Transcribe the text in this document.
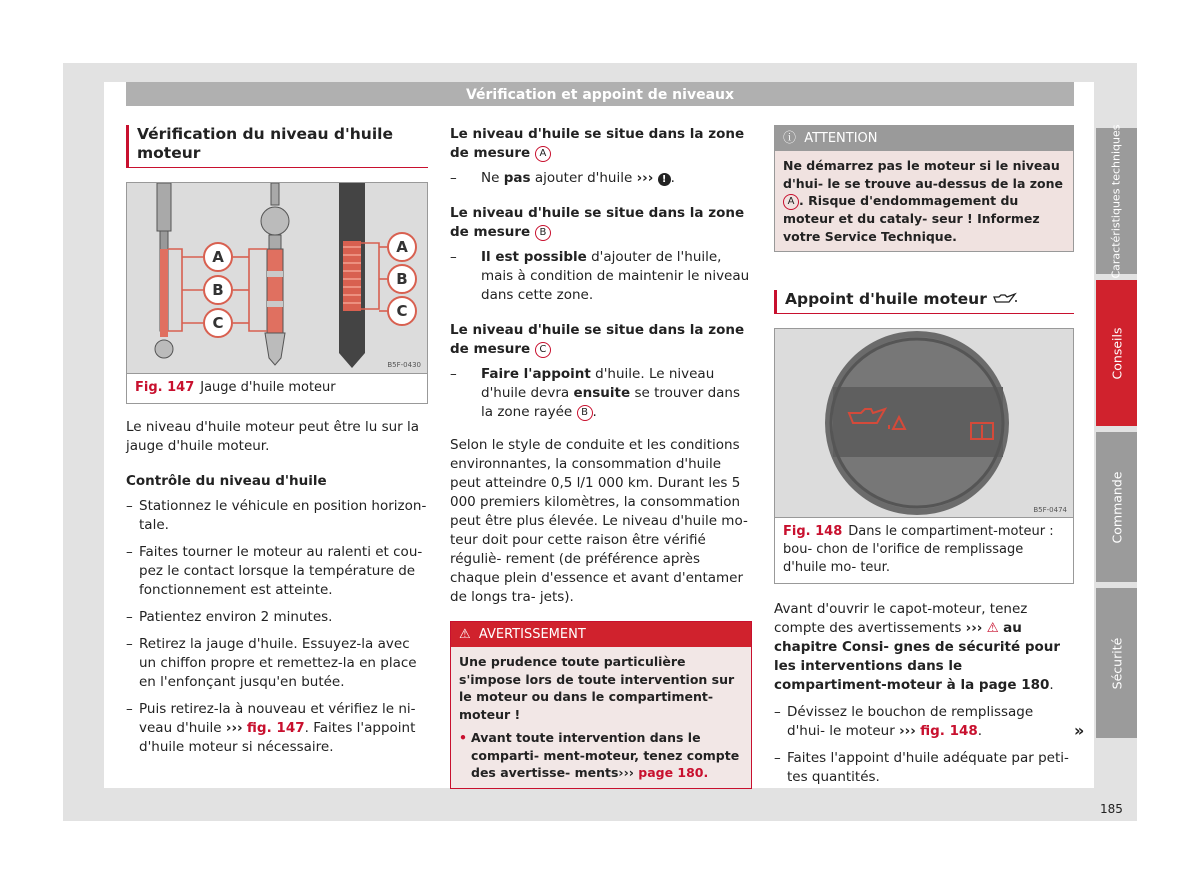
Vérification et appoint de niveaux
Vérification du niveau d'huile moteur
A
B
C
A
B
C
B5F-0430
Fig. 147 Jauge d'huile moteur

Le niveau d'huile moteur peut être lu sur la jauge d'huile moteur.

Contrôle du niveau d'huile
– Stationnez le véhicule en position horizon- tale.
– Faites tourner le moteur au ralenti et cou- pez le contact lorsque la température de fonctionnement est atteinte.
– Patientez environ 2 minutes.
– Retirez la jauge d'huile. Essuyez-la avec un chiffon propre et remettez-la en place en l'enfonçant jusqu'en butée.
– Puis retirez-la à nouveau et vérifiez le ni- veau d'huile ››› fig. 147. Faites l'appoint d'huile moteur si nécessaire.
Le niveau d'huile se situe dans la zone de mesure A
–	Ne pas ajouter d'huile ››› ! .
Le niveau d'huile se situe dans la zone de mesure B
–	Il est possible d'ajouter de l'huile, mais à condition de maintenir le niveau dans cette zone.
Le niveau d'huile se situe dans la zone de mesure C
–	Faire l'appoint d'huile. Le niveau d'huile devra ensuite se trouver dans la zone rayée B .

Selon le style de conduite et les conditions environnantes, la consommation d'huile peut atteindre 0,5 l/1 000 km. Durant les 5 000 premiers kilomètres, la consommation peut être plus élevée. Le niveau d'huile mo- teur doit pour cette raison être vérifié réguliè- rement (de préférence après chaque plein d'essence et avant d'entamer de longs tra- jets).

⚠ AVERTISSEMENT
Une prudence toute particulière s'impose lors de toute intervention sur le moteur ou dans le compartiment-moteur !
• Avant toute intervention dans le comparti- ment-moteur, tenez compte des avertisse- ments››› page 180.
ⓘ ATTENTION
Ne démarrez pas le moteur si le niveau d'hui- le se trouve au-dessus de la zone A . Risque d'endommagement du moteur et du cataly- seur ! Informez votre Service Technique.
Appoint d'huile moteur
B5F-0474
Fig. 148 Dans le compartiment-moteur : bou- chon de l'orifice de remplissage d'huile mo- teur.

Avant d'ouvrir le capot-moteur, tenez compte des avertissements ››› ⚠ au chapitre Consi- gnes de sécurité pour les interventions dans le compartiment-moteur à la page 180.

– Dévissez le bouchon de remplissage d'hui- le moteur ››› fig. 148.
– Faites l'appoint d'huile adéquate par peti- tes quantités.
»
Caractéristiques techniques
Conseils
Commande
Sécurité
185
